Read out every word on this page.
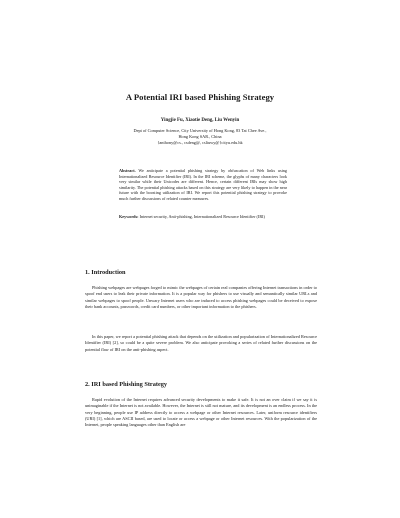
A Potential IRI based Phishing Strategy
Yingjie Fu, Xiaotie Deng, Liu Wenyin
Dept of Computer Science, City University of Hong Kong, 83 Tat Chee Ave.,
Hong Kong SAR., China
{anthony@cs., csdeng@, csliuwy@}cityu.edu.hk
Abstract. We anticipate a potential phishing strategy by obfuscation of Web links using Internationalized Resource Identifier (IRI). In the IRI scheme, the glyphs of many characters look very similar while their Unicodes are different. Hence, certain different IRIs may show high similarity. The potential phishing attacks based on this strategy are very likely to happen in the near future with the boosting utilization of IRI. We report this potential phishing strategy to provoke much further discussions of related counter measures.
Keywords: Internet security, Anti-phishing, Internationalized Resource Identifier (IRI)
1. Introduction
Phishing webpages are webpages forged to mimic the webpages of certain real companies offering Internet transactions in order to spoof end users to leak their private information. It is a popular way for phishers to use visually and semantically similar URLs and similar webpages to spoof people. Unwary Internet users who are induced to access phishing webpages could be deceived to expose their bank accounts, passwords, credit card numbers, or other important information to the phishers.
In this paper, we report a potential phishing attack that depends on the utilization and popularization of Internationalized Resource Identifier (IRI) [2], so could be a quite severe problem. We also anticipate provoking a series of related further discussions on the potential flaw of IRI on the anti-phishing aspect.
2. IRI based Phishing Strategy
Rapid evolution of the Internet requires advanced security developments to make it safe. It is not an over claim if we say it is unimaginable if the Internet is not available. However, the Internet is still not mature, and its development is an endless process. In the very beginning, people use IP address directly to access a webpage or other Internet resources. Later, uniform resource identifiers (URI) [1], which are ASCII based, are used to locate or access a webpage or other Internet resources. With the popularization of the Internet, people speaking languages other than English are
